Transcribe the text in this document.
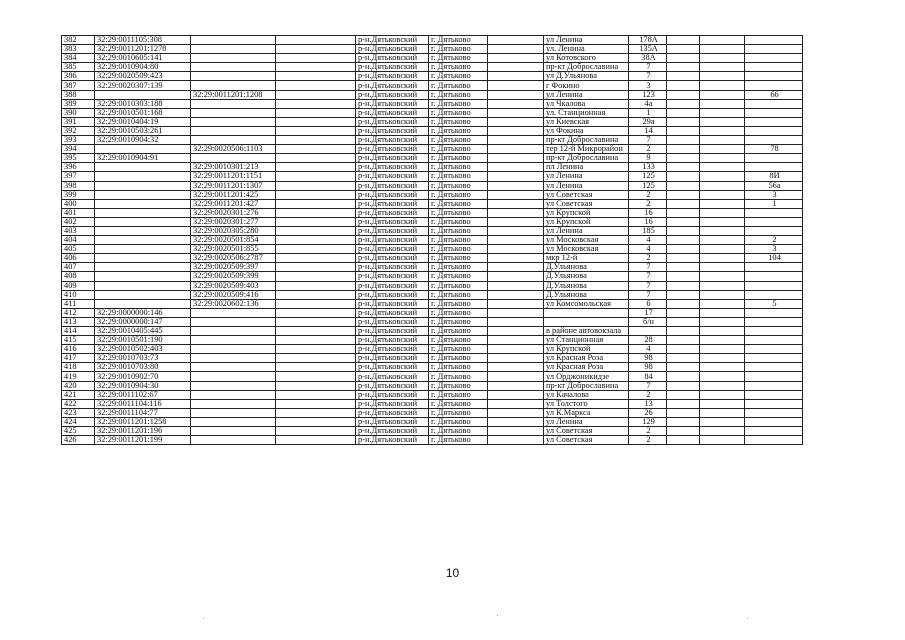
382	32:29:0011105:308			р-н.Дятьковский	г. Дятьково		ул Ленина	178А			
383	32:29:0011201:1278			р-н.Дятьковский	г. Дятьково		ул. Ленина	135А			
384	32:29:0010605:141			р-н.Дятьковский	г. Дятьково		ул Котовского	38А			
385	32:29:0010904:80			р-н.Дятьковский	г. Дятьково		пр-кт Доброславина	7			
386	32:29:0020509:423			р-н.Дятьковский	г. Дятьково		ул Д.Ульянова	7			
387	32:29:0020307:139			р-н.Дятьковский	г. Дятьково		г Фокино	3			
388		32:29:0011201:1208		р-н.Дятьковский	г. Дятьково		ул Ленина	123			66
389	32:29:0010303:188			р-н.Дятьковский	г. Дятьково		ул Чкалова	4а			
390	32:29:0010501:168			р-н.Дятьковский	г. Дятьково		ул. Станционная	1			
391	32:29:0010404:19			р-н.Дятьковский	г. Дятьково		ул Киевская	29а			
392	32:29:0010503:261			р-н.Дятьковский	г. Дятьково		ул Фокина	14			
393	32:29:0010904:32			р-н.Дятьковский	г. Дятьково		пр-кт Доброславина	7			
394		32:29:0020506:1103		р-н.Дятьковский	г. Дятьково		тер 12-й Микрорайон	2			78
395	32:29:0010904:91			р-н.Дятьковский	г. Дятьково		пр-кт Доброславина	9			
396		32:29:0010301:213		р-н.Дятьковский	г. Дятьково		пл Ленина	133			
397		32:29:0011201:1151		р-н.Дятьковский	г. Дятьково		ул Ленина	125			8И
398		32:29:0011201:1307		р-н.Дятьковский	г. Дятьково		ул Ленина	125			56а
399		32:29:0011201:425		р-н.Дятьковский	г. Дятьково		ул Советская	2			3
400		32:29:0011201:427		р-н.Дятьковский	г. Дятьково		ул Советская	2			1
401		32:29:0020301:276		р-н.Дятьковский	г. Дятьково		ул Крупской	16			
402		32:29:0020301:277		р-н.Дятьковский	г. Дятьково		ул Крупской	16			
403		32:29:0020305:280		р-н.Дятьковский	г. Дятьково		ул Ленина	185			
404		32:29:0020501:854		р-н.Дятьковский	г. Дятьково		ул Московская	4			2
405		32:29:0020501:855		р-н.Дятьковский	г. Дятьково		ул Московская	4			3
406		32:29:0020506:2787		р-н.Дятьковский	г. Дятьково		мкр 12-й	2			104
407		32:29:0020509:397		р-н.Дятьковский	г. Дятьково		Д.Ульянова	7			
408		32:29:0020509:399		р-н.Дятьковский	г. Дятьково		Д.Ульянова	7			
409		32:29:0020509:403		р-н.Дятьковский	г. Дятьково		Д.Ульянова	7			
410		32:29:0020509:416		р-н.Дятьковский	г. Дятьково		Д.Ульянова	7			
411		32:29:0020602:136		р-н.Дятьковский	г. Дятьково		ул Комсомольская	6			5
412	32:29:0000000:146			р-н.Дятьковский	г. Дятьково			17			
413	32:29:0000000:147			р-н.Дятьковский	г. Дятьково			б/н			
414	32:29:0010405:445			р-н.Дятьковский	г. Дятьково		в районе автовокзала				
415	32:29:0010501:190			р-н.Дятьковский	г. Дятьково		ул Станционная	28			
416	32:29:0010502:403			р-н.Дятьковский	г. Дятьково		ул Крупской	4			
417	32:29:0010703:73			р-н.Дятьковский	г. Дятьково		ул Красная Роза	98			
418	32:29:0010703:80			р-н.Дятьковский	г. Дятьково		ул Красная Роза	98			
419	32:29:0010902:70			р-н.Дятьковский	г. Дятьково		ул Орджоникидзе	84			
420	32:29:0010904:30			р-н.Дятьковский	г. Дятьково		пр-кт Доброславина	7			
421	32:29:0011102:67			р-н.Дятьковский	г. Дятьково		ул Качалова	2			
422	32:29:0011104:116			р-н.Дятьковский	г. Дятьково		ул Толстого	13			
423	32:29:0011104:77			р-н.Дятьковский	г. Дятьково		ул К.Маркса	26			
424	32:29:0011201:1258			р-н.Дятьковский	г. Дятьково		ул Ленина	129			
425	32:29:0011201:196			р-н.Дятьковский	г. Дятьково		ул Советская	2			
426	32:29:0011201:199			р-н.Дятьковский	г. Дятьково		ул Советская	2			
10
